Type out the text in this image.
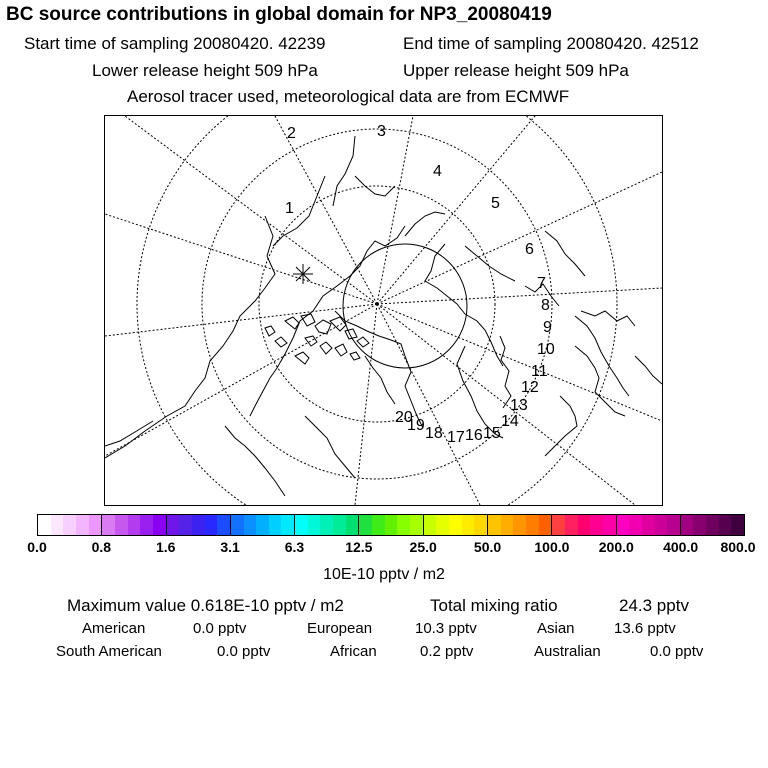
BC source contributions in global domain for NP3_20080419
Start time of sampling 20080420. 42239	End time of sampling 20080420. 42512
Lower release height 509 hPa	Upper release height 509 hPa
Aerosol tracer used, meteorological data are from ECMWF
1
2	3
4
5
6
7
8
9
10
11
12
13
14
15
16
17
18
19
20
0.0	0.8	1.6	3.1	6.3	12.5	25.0	50.0 100.0 200.0 400.0 800.0
10E-10 pptv / m2
Maximum value 0.618E-10 pptv / m2	Total mixing ratio	24.3 pptv
American	0.0 pptv	European	10.3 pptv	Asian	13.6 pptv
South American	0.0 pptv	African	0.2 pptv	Australian	0.0 pptv
